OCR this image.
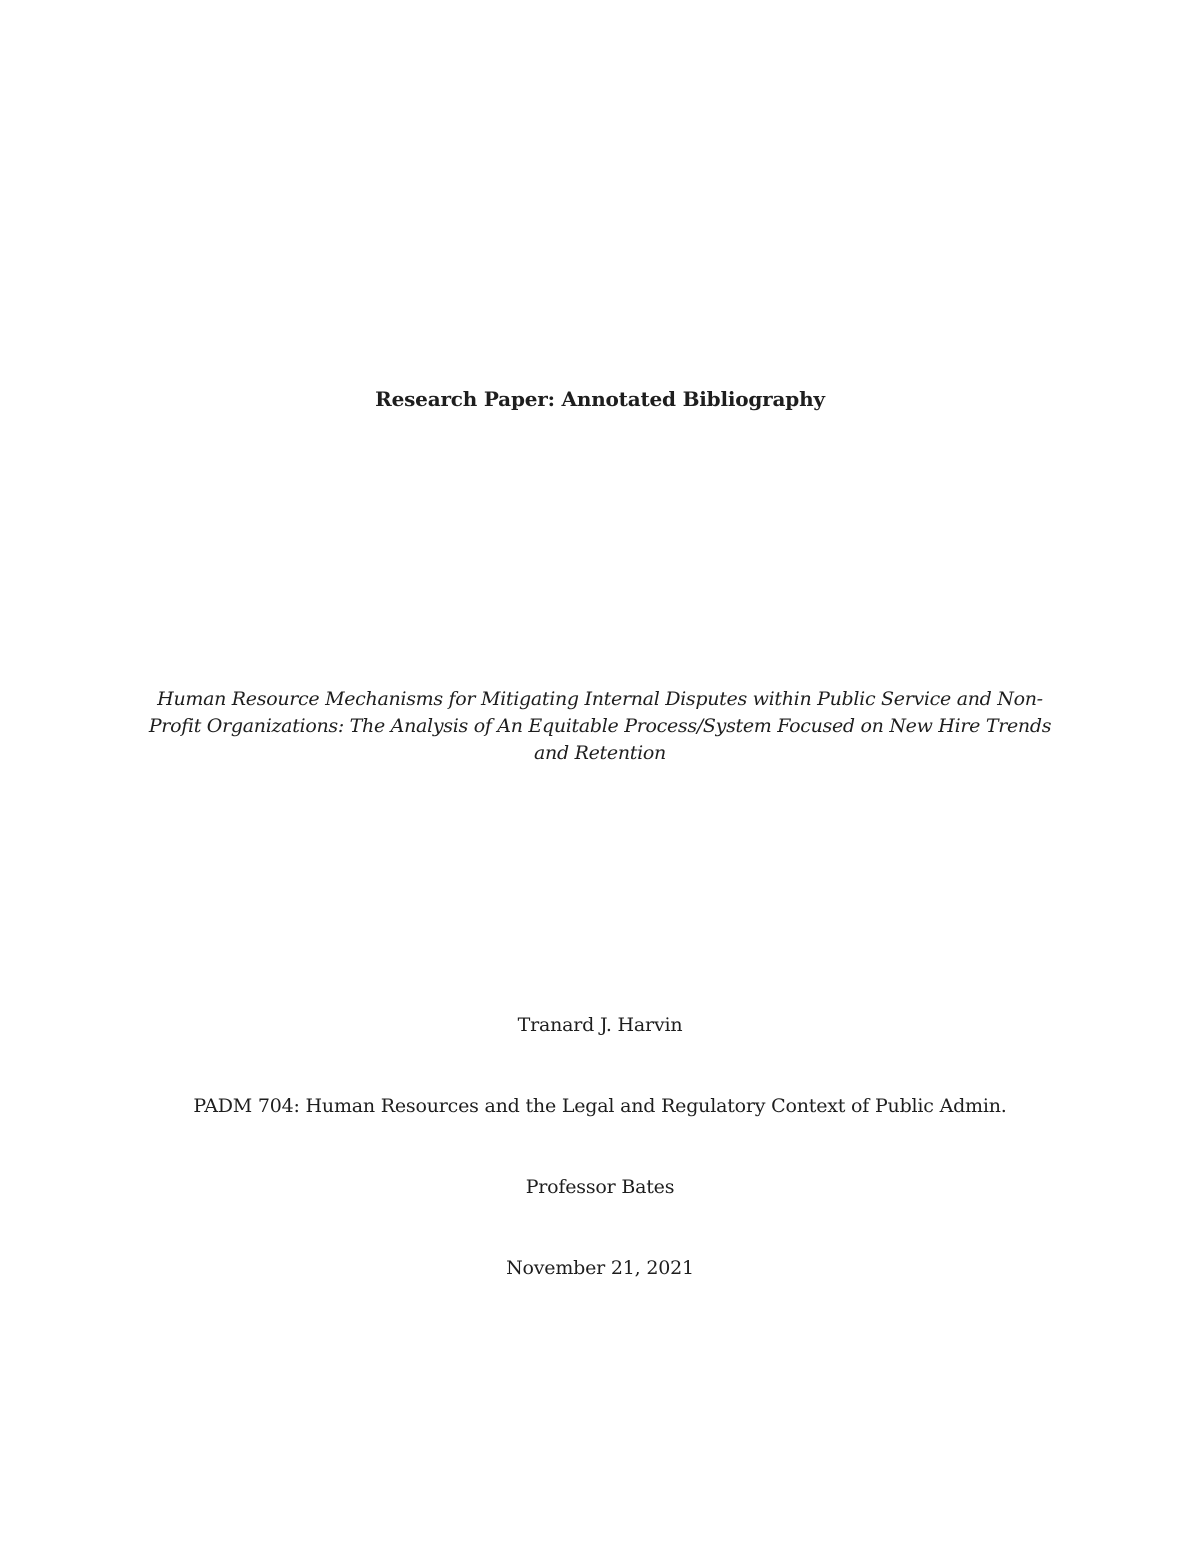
Research Paper: Annotated Bibliography
Human Resource Mechanisms for Mitigating Internal Disputes within Public Service and Non-
Profit Organizations: The Analysis of An Equitable Process/System Focused on New Hire Trends
and Retention
Tranard J. Harvin
PADM 704: Human Resources and the Legal and Regulatory Context of Public Admin.
Professor Bates
November 21, 2021
